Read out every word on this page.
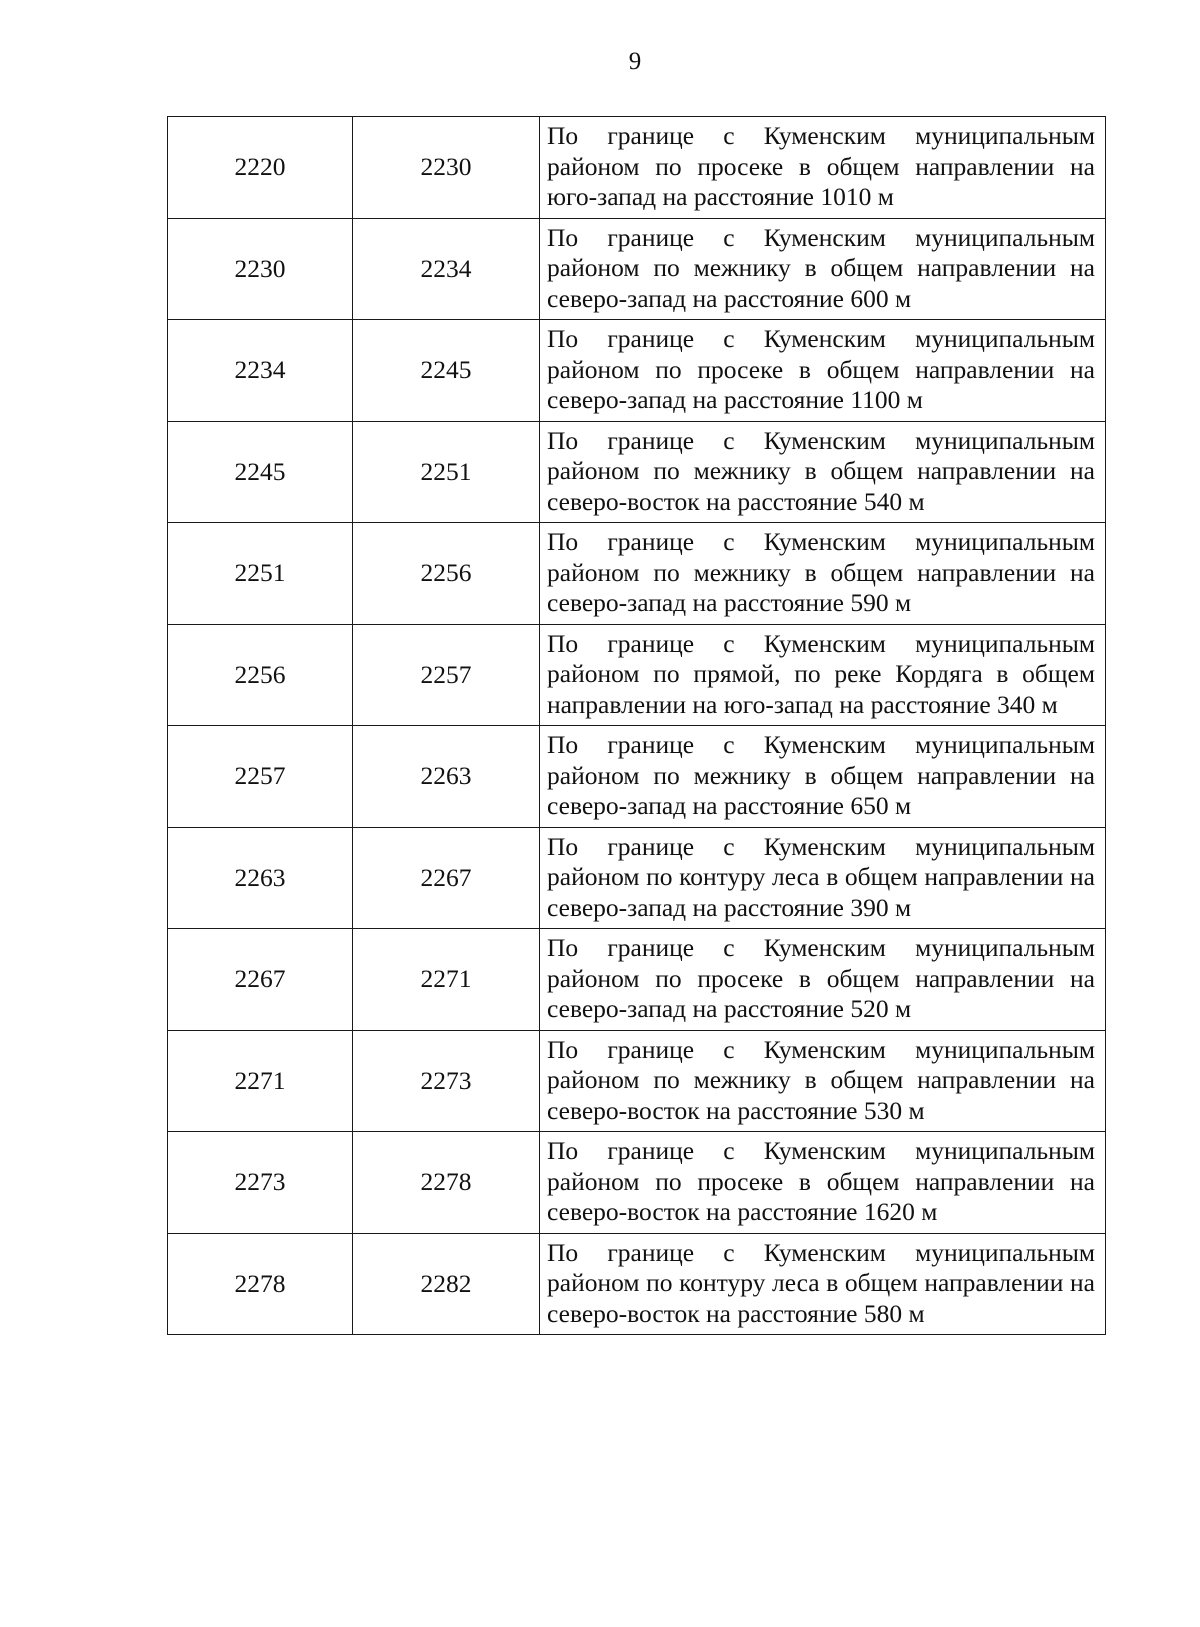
9
2220	2230	По границе с Куменским муниципальным районом по просеке в общем направлении на юго-запад на расстояние 1010 м
2230	2234	По границе с Куменским муниципальным районом по межнику в общем направлении на северо-запад на расстояние 600 м
2234	2245	По границе с Куменским муниципальным районом по просеке в общем направлении на северо-запад на расстояние 1100 м
2245	2251	По границе с Куменским муниципальным районом по межнику в общем направлении на северо-восток на расстояние 540 м
2251	2256	По границе с Куменским муниципальным районом по межнику в общем направлении на северо-запад на расстояние 590 м
2256	2257	По границе с Куменским муниципальным районом по прямой, по реке Кордяга в общем направлении на юго-запад на расстояние 340 м
2257	2263	По границе с Куменским муниципальным районом по межнику в общем направлении на северо-запад на расстояние 650 м
2263	2267	По границе с Куменским муниципальным районом по контуру леса в общем направлении на северо-запад на расстояние 390 м
2267	2271	По границе с Куменским муниципальным районом по просеке в общем направлении на северо-запад на расстояние 520 м
2271	2273	По границе с Куменским муниципальным районом по межнику в общем направлении на северо-восток на расстояние 530 м
2273	2278	По границе с Куменским муниципальным районом по просеке в общем направлении на северо-восток на расстояние 1620 м
2278	2282	По границе с Куменским муниципальным районом по контуру леса в общем направлении на северо-восток на расстояние 580 м
